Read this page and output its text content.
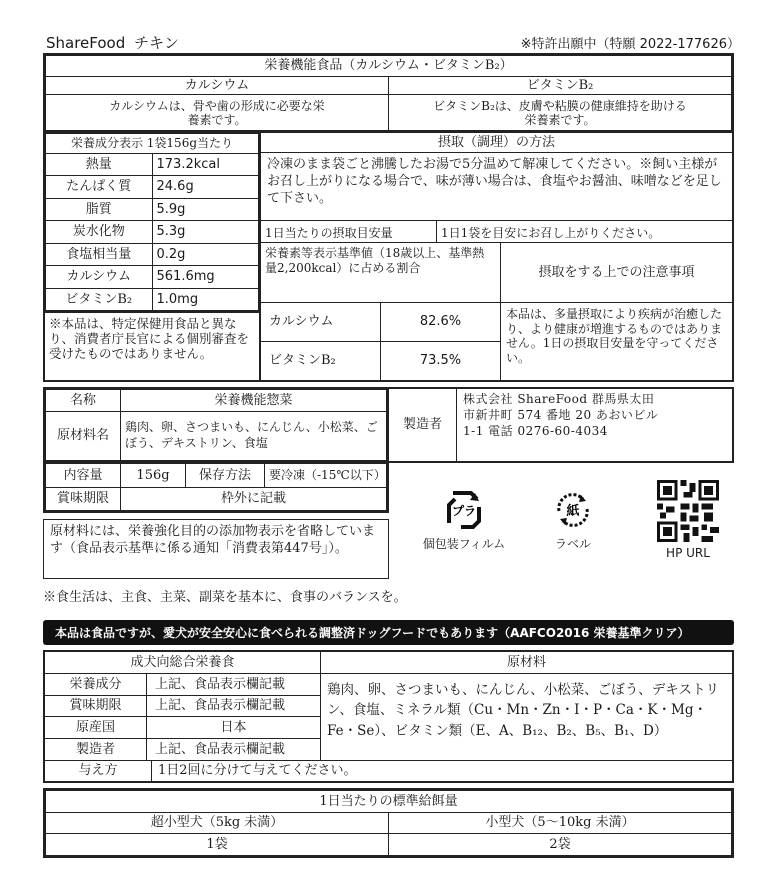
ShareFood チキン	※特許出願中（特願 2022-177626）
栄養機能食品（カルシウム・ビタミンB₂）	
カルシウム	ビタミンB₂
カルシウムは、骨や歯の形成に必要な栄養素です。	ビタミンB₂は、皮膚や粘膜の健康維持を助ける栄養素です。
栄養成分表示 1袋156g当たり	
熱量	173.2kcal
たんぱく質	24.6g
脂質	5.9g
炭水化物	5.3g
食塩相当量	0.2g
カルシウム	561.6mg
ビタミンB₂	1.0mg
※本品は、特定保健用食品と異なり、消費者庁長官による個別審査を受けたものではありません。
摂取（調理）の方法
冷凍のまま袋ごと沸騰したお湯で5分温めて解凍してください。※飼い主様がお召し上がりになる場合で、味が薄い場合は、食塩やお醤油、味噌などを足して下さい。
1日当たりの摂取目安量	1日1袋を目安にお召し上がりください。
栄養素等表示基準値（18歳以上、基準熱量2,200kcal）に占める割合	摂取をする上での注意事項
カルシウム	82.6%
ビタミンB₂	73.5%
本品は、多量摂取により疾病が治癒したり、より健康が増進するものではありません。1日の摂取目安量を守ってください。
名称	栄養機能惣菜
原材料名	鶏肉、卵、さつまいも、にんじん、小松菜、ごぼう、デキストリン、食塩
製造者
株式会社 ShareFood 群馬県太田市新井町 574 番地 20 あおいビル 1-1 電話 0276-60-4034
内容量	156g	保存方法	要冷凍（-15℃以下）
賞味期限	枠外に記載		
原材料には、栄養強化目的の添加物表示を省略しています（食品表示基準に係る通知「消費表第447号」）。
※食生活は、主食、主菜、副菜を基本に、食事のバランスを。
プラ
個包装フィルム
紙
ラベル
HP URL
本品は食品ですが、愛犬が安全安心に食べられる調整済ドッグフードでもあります（AAFCO2016 栄養基準クリア）
成犬向総合栄養食	原材料
栄養成分	上記、食品表示欄記載
賞味期限	上記、食品表示欄記載
原産国	日本
製造者	上記、食品表示欄記載
鶏肉、卵、さつまいも、にんじん、小松菜、ごぼう、デキストリン、食塩、ミネラル類（Cu・Mn・Zn・I・P・Ca・K・Mg・Fe・Se）、ビタミン類（E、A、B₁₂、B₂、B₅、B₁、D）
与え方	1日2回に分けて与えてください。
1日当たりの標準給餌量	
超小型犬（5kg 未満）	小型犬（5〜10kg 未満）
1袋	2袋
